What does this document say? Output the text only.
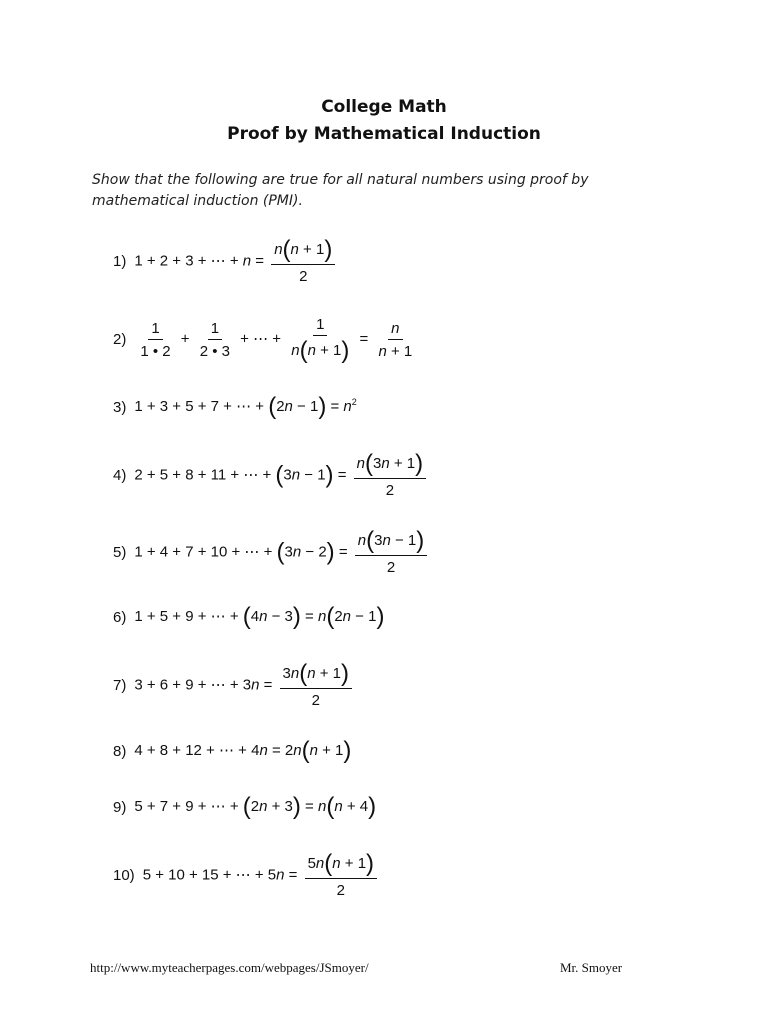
College Math
Proof by Mathematical Induction
Show that the following are true for all natural numbers using proof by mathematical induction (PMI).
1) 1 + 2 + 3 + ⋯ + $n = \frac{n(n + 1)}{2}$
$2) \frac{1}{1 • 2} + \frac{1}{2 • 3}$ + ⋯ + $\frac{1}{n(n + 1)} = \frac{n}{n + 1}$
3) 1 + 3 + 5 + 7 + ⋯ + $(2n - 1) = n^2$
4) 2 + 5 + 8 + 11 + ⋯ + $(3n - 1) = \frac{n(3n + 1)}{2}$
5) 1 + 4 + 7 + 10 + ⋯ + $(3n - 2) = \frac{n(3n - 1)}{2}$
6) 1 + 5 + 9 + ⋯ + (4n − 3) = n(2n − 1)
7) 3 + 6 + 9 + ⋯ + $3n = \frac{3n(n + 1)}{2}$
8) 4 + 8 + 12 + ⋯ + 4n = 2n(n + 1)
9) 5 + 7 + 9 + ⋯ + (2n + 3) = n(n + 4)
10) 5 + 10 + 15 + ⋯ + $5n = \frac{5n(n + 1)}{2}$
http://www.myteacherpages.com/webpages/JSmoyer/	Mr. Smoyer
